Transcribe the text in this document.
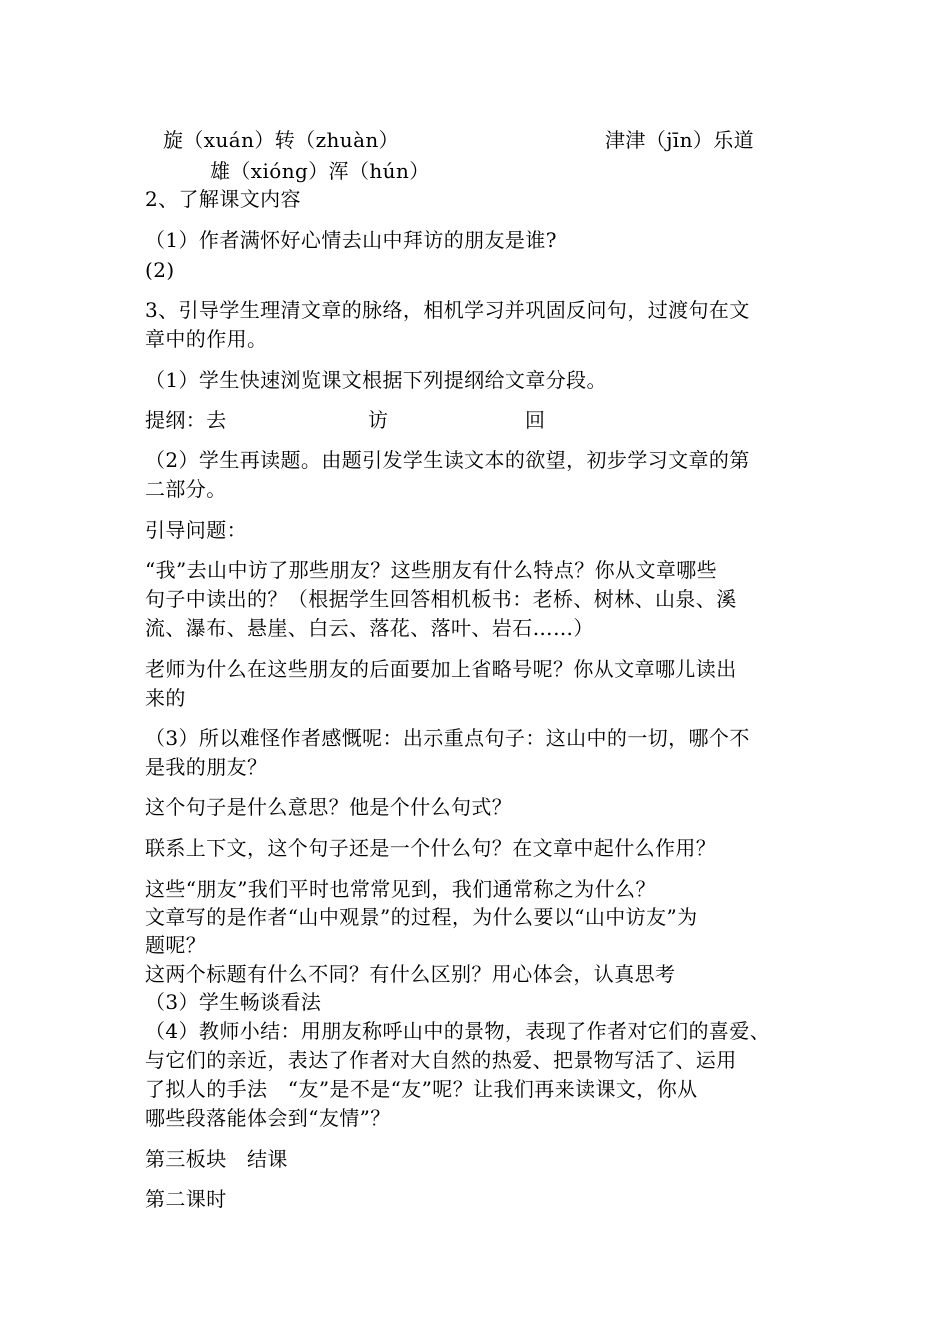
旋（xuán）转（zhuàn）	津津（jīn）乐道
雄（xióng）浑（hún）
2、了解课文内容
（1）作者满怀好心情去山中拜访的朋友是谁?
(2)
3、引导学生理清文章的脉络，相机学习并巩固反问句，过渡句在文
章中的作用。
（1）学生快速浏览课文根据下列提纲给文章分段。
提纲：去	访	回
（2）学生再读题。由题引发学生读文本的欲望，初步学习文章的第
二部分。
引导问题：
“我”去山中访了那些朋友？这些朋友有什么特点？你从文章哪些
句子中读出的？（根据学生回答相机板书：老桥、树林、山泉、溪
流、瀑布、悬崖、白云、落花、落叶、岩石……）
老师为什么在这些朋友的后面要加上省略号呢？你从文章哪儿读出
来的
（3）所以难怪作者感慨呢：出示重点句子：这山中的一切，哪个不
是我的朋友？
这个句子是什么意思？他是个什么句式？
联系上下文，这个句子还是一个什么句？在文章中起什么作用？
这些“朋友”我们平时也常常见到，我们通常称之为什么？
文章写的是作者“山中观景”的过程，为什么要以“山中访友”为
题呢？
这两个标题有什么不同？有什么区别？用心体会，认真思考
（3）学生畅谈看法
（4）教师小结：用朋友称呼山中的景物，表现了作者对它们的喜爱、
与它们的亲近，表达了作者对大自然的热爱、把景物写活了、运用
了拟人的手法　“友”是不是“友”呢？让我们再来读课文，你从
哪些段落能体会到“友情”？
第三板块　结课
第二课时
